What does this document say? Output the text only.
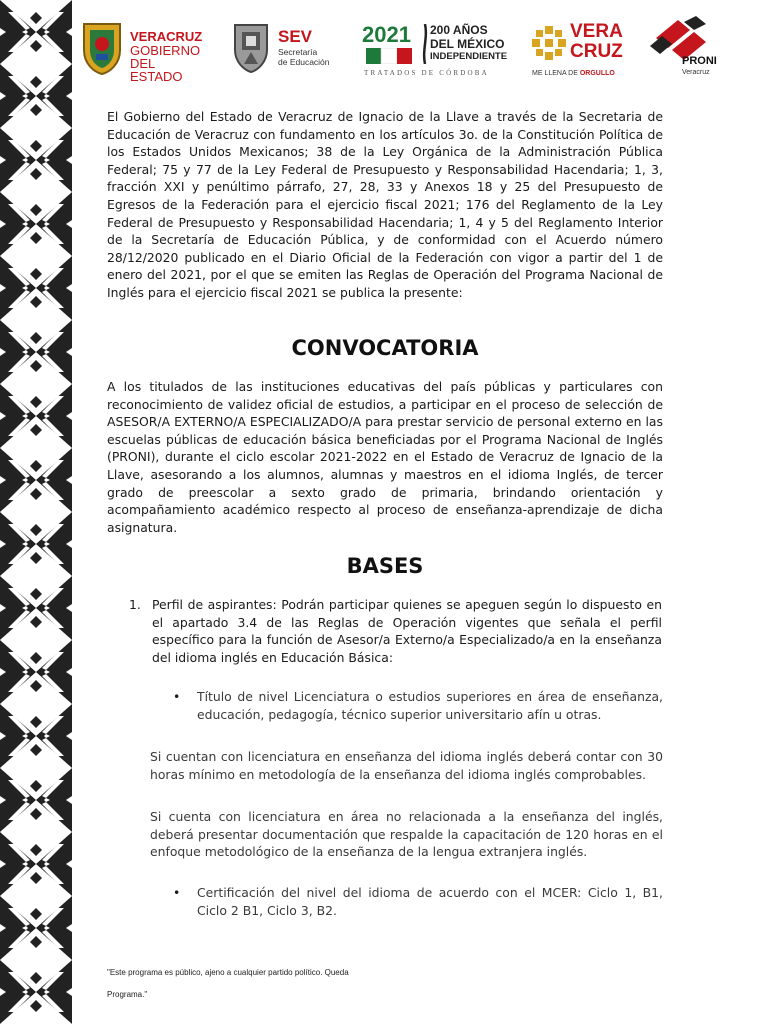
VERACRUZ
GOBIERNO
DEL ESTADO
SEV
Secretaría
de Educación
2021 200 AÑOS
DEL MÉXICO
INDEPENDIENTE
TRATADOS DE CÓRDOBA
VERA
CRUZ
ME LLENA DE ORGULLO
PRONI
Veracruz

El Gobierno del Estado de Veracruz de Ignacio de la Llave a través de la Secretaria de Educación de Veracruz con fundamento en los artículos 3o. de la Constitución Política de los Estados Unidos Mexicanos; 38 de la Ley Orgánica de la Administración Pública Federal; 75 y 77 de la Ley Federal de Presupuesto y Responsabilidad Hacendaria; 1, 3, fracción XXI y penúltimo párrafo, 27, 28, 33 y Anexos 18 y 25 del Presupuesto de Egresos de la Federación para el ejercicio fiscal 2021; 176 del Reglamento de la Ley Federal de Presupuesto y Responsabilidad Hacendaria; 1, 4 y 5 del Reglamento Interior de la Secretaría de Educación Pública, y de conformidad con el Acuerdo número 28/12/2020 publicado en el Diario Oficial de la Federación con vigor a partir del 1 de enero del 2021, por el que se emiten las Reglas de Operación del Programa Nacional de Inglés para el ejercicio fiscal 2021 se publica la presente:

CONVOCATORIA

A los titulados de las instituciones educativas del país públicas y particulares con reconocimiento de validez oficial de estudios, a participar en el proceso de selección de ASESOR/A EXTERNO/A ESPECIALIZADO/A para prestar servicio de personal externo en las escuelas públicas de educación básica beneficiadas por el Programa Nacional de Inglés (PRONI), durante el ciclo escolar 2021-2022 en el Estado de Veracruz de Ignacio de la Llave, asesorando a los alumnos, alumnas y maestros en el idioma Inglés, de tercer grado de preescolar a sexto grado de primaria, brindando orientación y acompañamiento académico respecto al proceso de enseñanza-aprendizaje de dicha asignatura.

BASES
1. Perfil de aspirantes: Podrán participar quienes se apeguen según lo dispuesto en el apartado 3.4 de las Reglas de Operación vigentes que señala el perfil específico para la función de Asesor/a Externo/a Especializado/a en la enseñanza del idioma inglés en Educación Básica:

• Título de nivel Licenciatura o estudios superiores en área de enseñanza, educación, pedagogía, técnico superior universitario afín u otras.

Si cuentan con licenciatura en enseñanza del idioma inglés deberá contar con 30 horas mínimo en metodología de la enseñanza del idioma inglés comprobables.

Si cuenta con licenciatura en área no relacionada a la enseñanza del inglés, deberá presentar documentación que respalde la capacitación de 120 horas en el enfoque metodológico de la enseñanza de la lengua extranjera inglés.

• Certificación del nivel del idioma de acuerdo con el MCER: Ciclo 1, B1, Ciclo 2 B1, Ciclo 3, B2.

"Este programa es público, ajeno a cualquier partido político. Queda
Programa."
